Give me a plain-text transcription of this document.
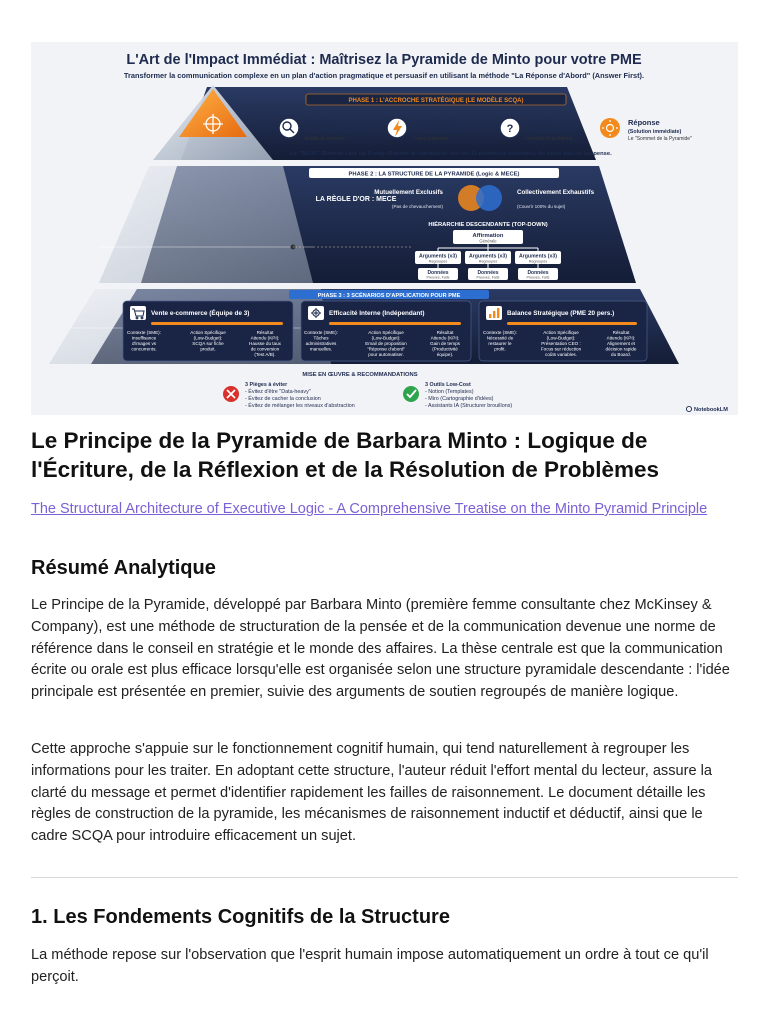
L'Art de l'Impact Immédiat : Maîtrisez la Pyramide de Minto pour votre PME
Transformer la communication complexe en un plan d'action pragmatique et persuasif en utilisant la méthode "La Réponse d'Abord" (Answer First).
PHASE 1 : L'ACCROCHE STRATÉGIQUE (LE MODÈLE SCQA)
Situation
(Vérité indiscutable)
Établir le contexte
Complication
(Le changement/défi)
Créer la tension
?
Question
(Problème central)
Formuler le problème
Réponse
(Solution immédiate)
Le "Sommet de la Pyramide"
Le "BLUF" (Bottom Line Up Front): Donnez la conclusion dès les 10 premières secondes. Ne créez pas de suspense.
PHASE 2 : LA STRUCTURE DE LA PYRAMIDE (Logic & MECE)
LA RÈGLE D'OR : MECE
Mutuellement Exclusifs
(Pas de chevauchement)
Collectivement Exhaustifs
(Couvrir 100% du sujet)
HIÉRARCHIE DESCENDANTE (TOP-DOWN)
Affirmation
Générale
Arguments (x3)
Regroupés
Arguments (x3)
Regroupés
Arguments (x3)
Regroupés
Données
Preuves, Faits
Données
Preuves, Faits
Données
Preuves, Faits
PHASE 3 : 3 SCÉNARIOS D'APPLICATION POUR PME
Vente e-commerce (Équipe de 3)
Contexte (SME):
Insuffisance
d'images vs
concurrents.
Action Spécifique
(Low-Budget):
SCQA sur fiche
produit.
Résultat
Attendu (KPI):
Hausse du taux
de conversion
(Test A/B).
Efficacité Interne (Indépendant)
Contexte (SME):
Tâches
administratives
manuelles.
Action Spécifique
(Low-Budget):
Email de proposition
"Réponse d'abord"
pour automatiser.
Résultat
Attendu (KPI):
Gain de temps
(Productivité
équipe).
Balance Stratégique (PME 20 pers.)
Contexte (SME):
Nécessité de
restaurer le
profit.
Action Spécifique
(Low-Budget):
Présentation CEO :
Focus sur réduction
coûts variables.
Résultat
Attendu (KPI):
Alignement et
décision rapide
du Board.
MISE EN ŒUVRE & RECOMMANDATIONS
3 Pièges à éviter
- Évitez d'être "Data-heavy"
- Évitez de cacher la conclusion
- Évitez de mélanger les niveaux d'abstraction
3 Outils Low-Cost
- Notion (Templates)
- Miro (Cartographie d'idées)
- Assistants IA (Structurer brouillons)
NotebookLM
Le Principe de la Pyramide de Barbara Minto : Logique de l'Écriture, de la Réflexion et de la Résolution de Problèmes

The Structural Architecture of Executive Logic - A Comprehensive Treatise on the Minto Pyramid Principle

Résumé Analytique

Le Principe de la Pyramide, développé par Barbara Minto (première femme consultante chez McKinsey & Company), est une méthode de structuration de la pensée et de la communication devenue une norme de référence dans le conseil en stratégie et le monde des affaires. La thèse centrale est que la communication écrite ou orale est plus efficace lorsqu'elle est organisée selon une structure pyramidale descendante : l'idée principale est présentée en premier, suivie des arguments de soutien regroupés de manière logique.

Cette approche s'appuie sur le fonctionnement cognitif humain, qui tend naturellement à regrouper les informations pour les traiter. En adoptant cette structure, l'auteur réduit l'effort mental du lecteur, assure la clarté du message et permet d'identifier rapidement les failles de raisonnement. Le document détaille les règles de construction de la pyramide, les mécanismes de raisonnement inductif et déductif, ainsi que le cadre SCQA pour introduire efficacement un sujet.

1. Les Fondements Cognitifs de la Structure

La méthode repose sur l'observation que l'esprit humain impose automatiquement un ordre à tout ce qu'il perçoit.
